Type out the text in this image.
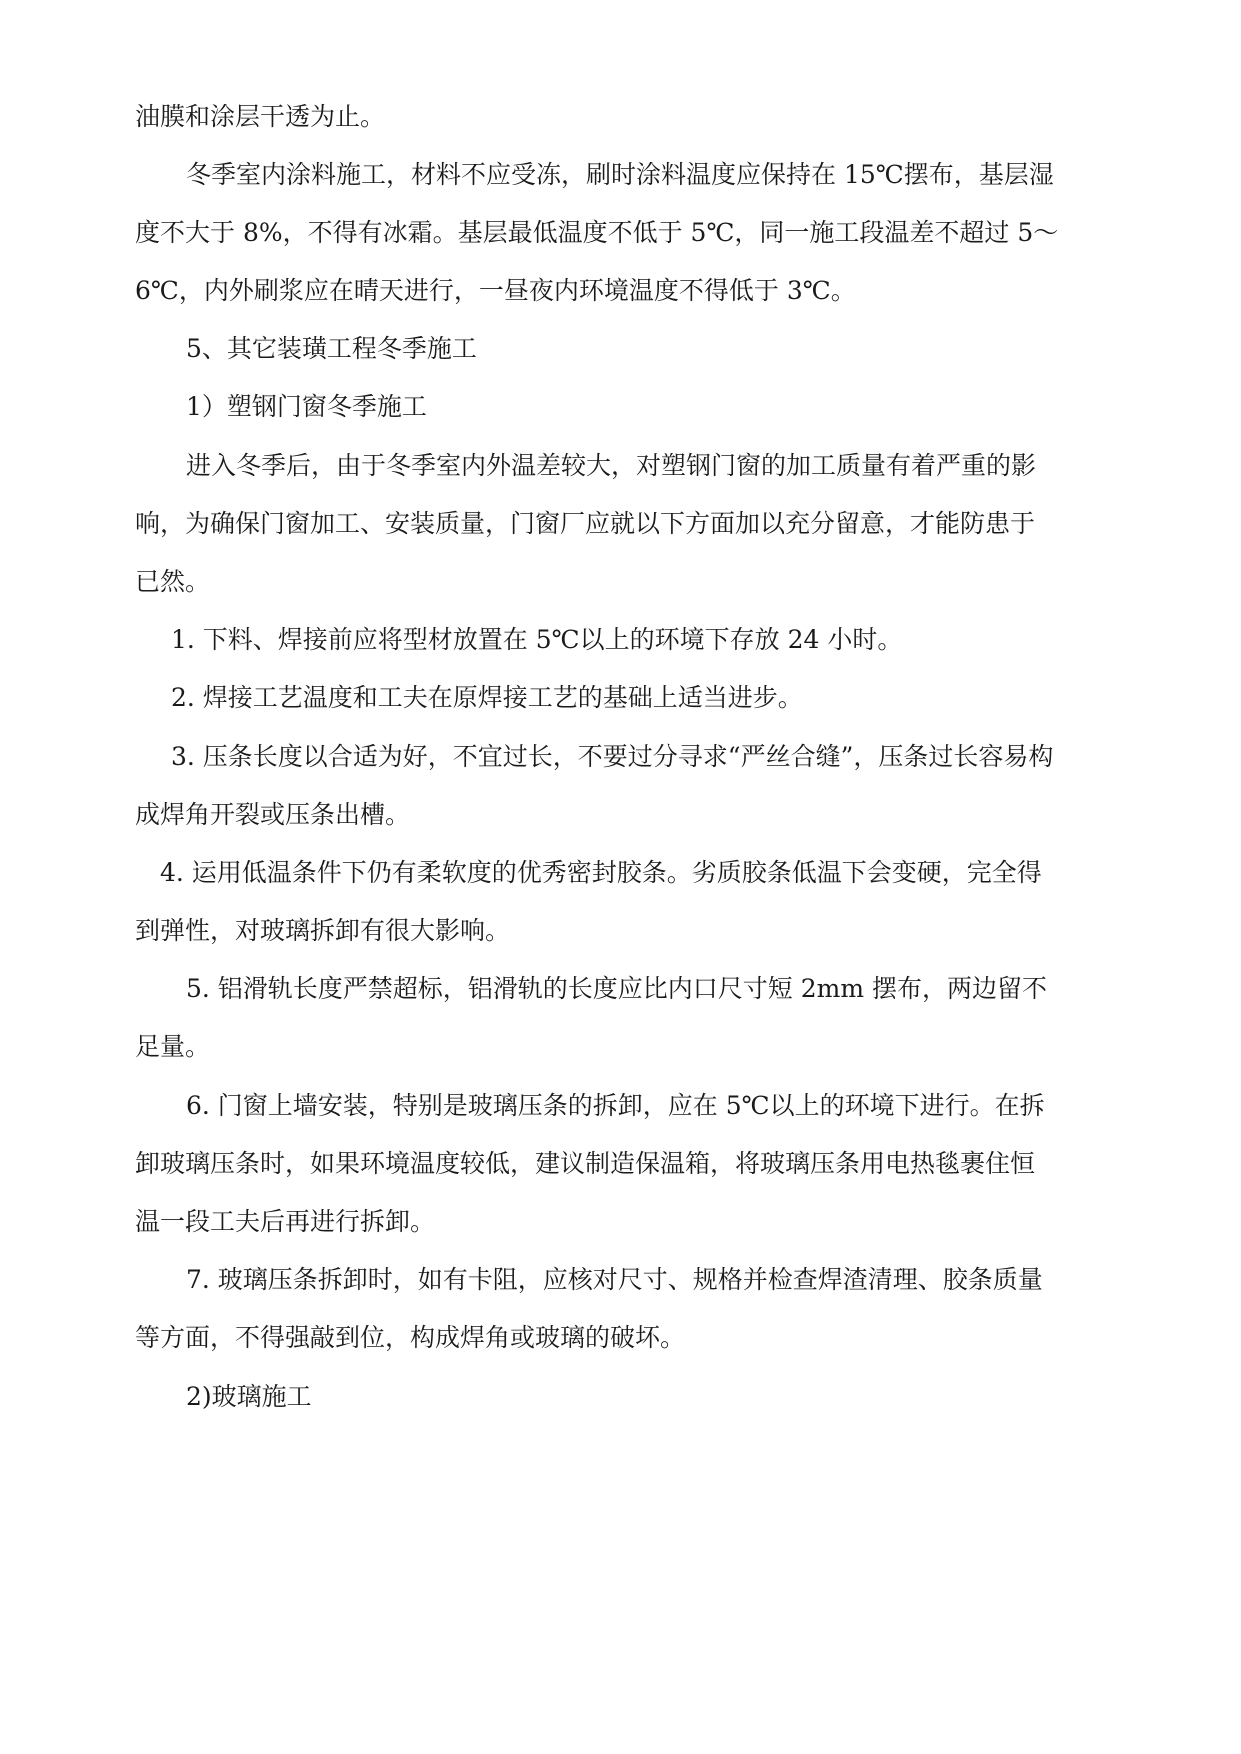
油膜和涂层干透为止。
冬季室内涂料施工，材料不应受冻，刷时涂料温度应保持在 15℃摆布，基层湿
度不大于 8%，不得有冰霜。基层最低温度不低于 5℃，同一施工段温差不超过 5～
6℃，内外刷浆应在晴天进行，一昼夜内环境温度不得低于 3℃。
5、其它装璜工程冬季施工
1）塑钢门窗冬季施工
进入冬季后，由于冬季室内外温差较大，对塑钢门窗的加工质量有着严重的影
响，为确保门窗加工、安装质量，门窗厂应就以下方面加以充分留意，才能防患于
已然。
1. 下料、焊接前应将型材放置在 5℃以上的环境下存放 24 小时。
2. 焊接工艺温度和工夫在原焊接工艺的基础上适当进步。
3. 压条长度以合适为好，不宜过长，不要过分寻求“严丝合缝”，压条过长容易构
成焊角开裂或压条出槽。
4. 运用低温条件下仍有柔软度的优秀密封胶条。劣质胶条低温下会变硬，完全得
到弹性，对玻璃拆卸有很大影响。
5. 铝滑轨长度严禁超标，铝滑轨的长度应比内口尺寸短 2mm 摆布，两边留不
足量。
6. 门窗上墙安装，特别是玻璃压条的拆卸，应在 5℃以上的环境下进行。在拆
卸玻璃压条时，如果环境温度较低，建议制造保温箱，将玻璃压条用电热毯裹住恒
温一段工夫后再进行拆卸。
7. 玻璃压条拆卸时，如有卡阻，应核对尺寸、规格并检查焊渣清理、胶条质量
等方面，不得强敲到位，构成焊角或玻璃的破坏。
2)玻璃施工
